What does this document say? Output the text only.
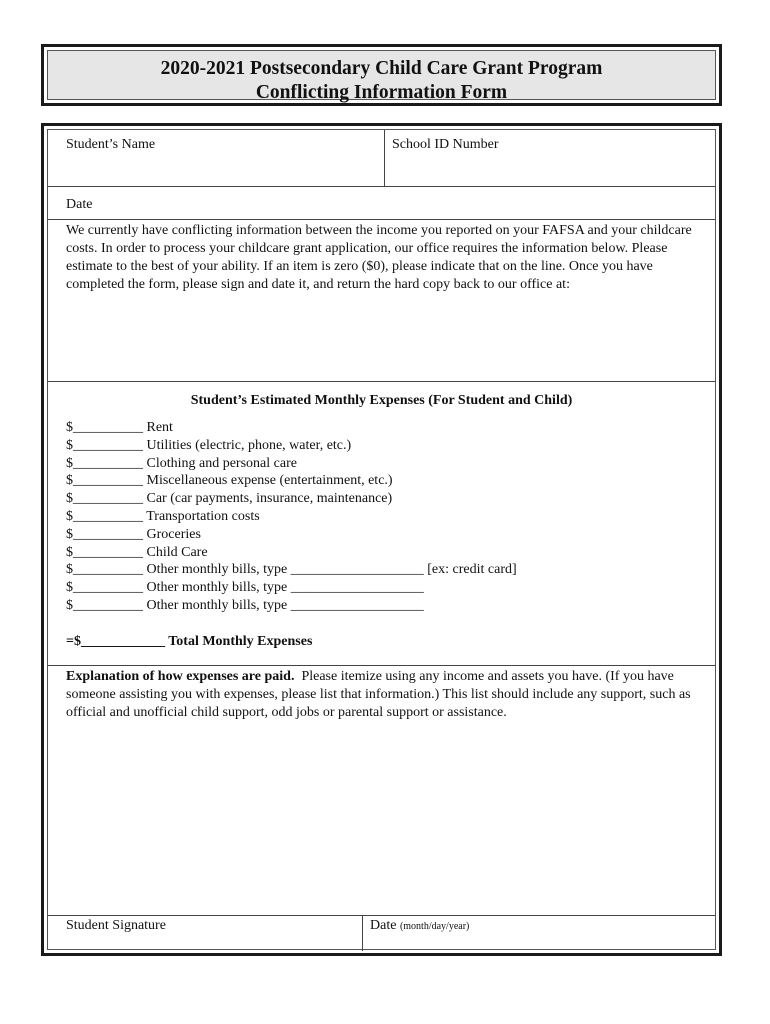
2020-2021 Postsecondary Child Care Grant Program
Conflicting Information Form
Student’s Name	School ID Number
Date
We currently have conflicting information between the income you reported on your FAFSA and your childcare costs. In order to process your childcare grant application, our office requires the information below. Please estimate to the best of your ability. If an item is zero ($0), please indicate that on the line. Once you have completed the form, please sign and date it, and return the hard copy back to our office at:
Student’s Estimated Monthly Expenses (For Student and Child)
$__________ Rent
$__________ Utilities (electric, phone, water, etc.)
$__________ Clothing and personal care
$__________ Miscellaneous expense (entertainment, etc.)
$__________ Car (car payments, insurance, maintenance)
$__________ Transportation costs
$__________ Groceries
$__________ Child Care
$__________ Other monthly bills, type ___________________ [ex: credit card]
$__________ Other monthly bills, type ___________________
$__________ Other monthly bills, type ___________________
=$____________ Total Monthly Expenses
Explanation of how expenses are paid. Please itemize using any income and assets you have. (If you have someone assisting you with expenses, please list that information.) This list should include any support, such as official and unofficial child support, odd jobs or parental support or assistance.
Student Signature	Date (month/day/year)
